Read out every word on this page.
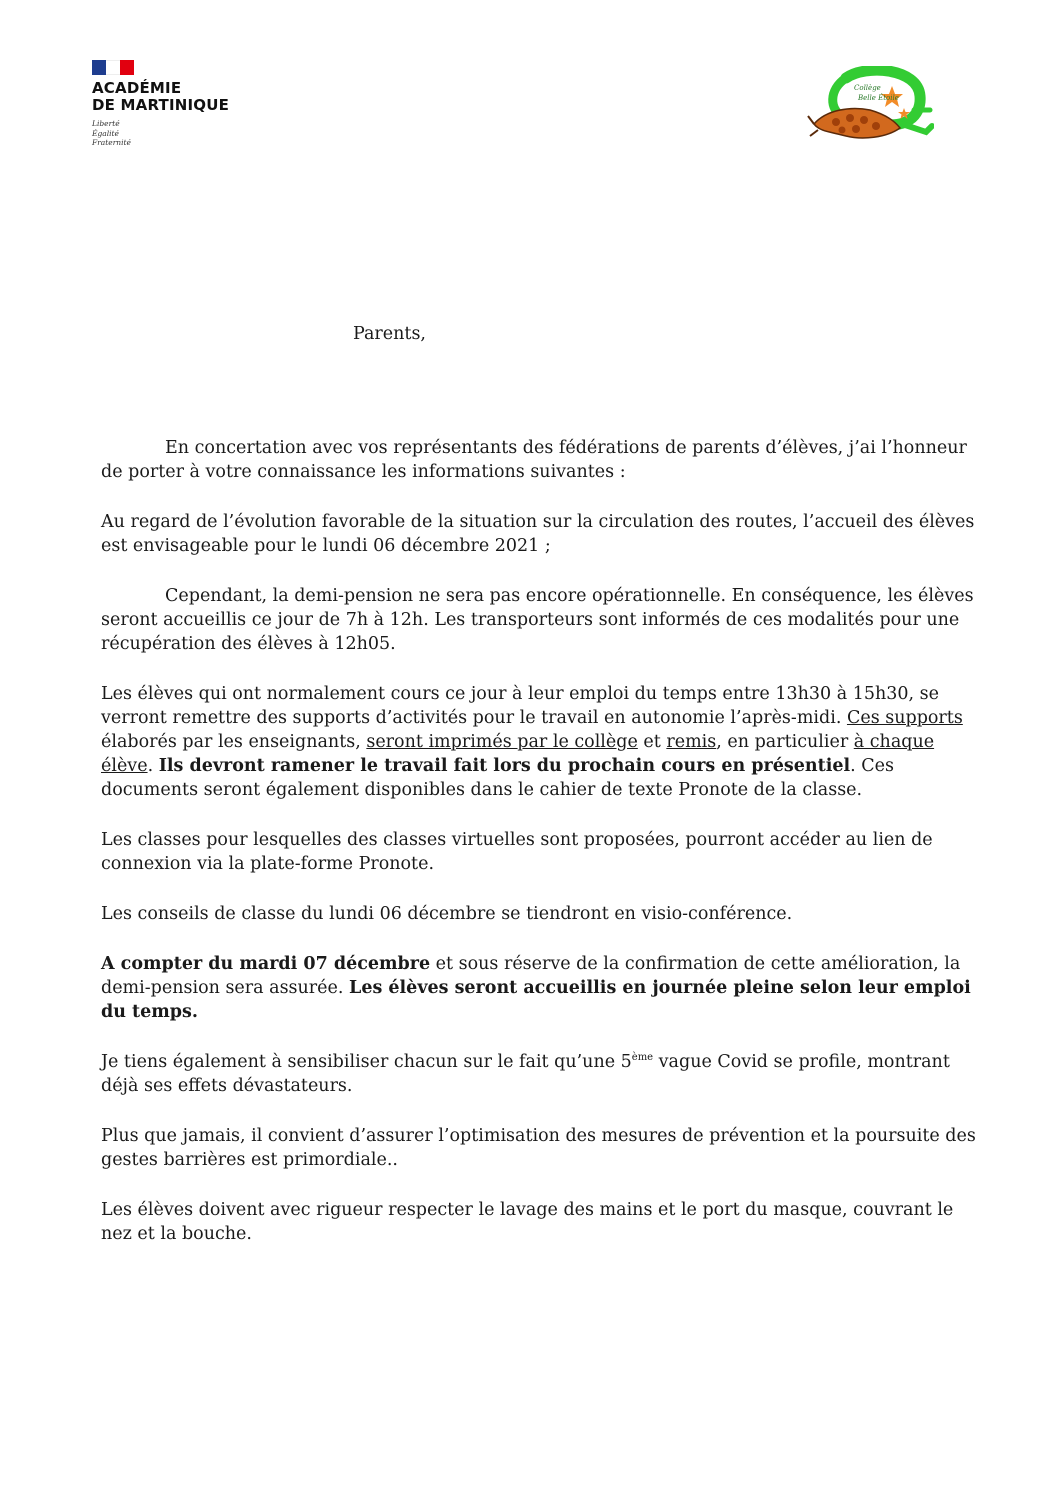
ACADÉMIE
DE MARTINIQUE
Liberté
Égalité
Fraternité
Collège
Belle Étoile
Parents,

En concertation avec vos représentants des fédérations de parents d’élèves, j’ai l’honneur de porter à votre connaissance les informations suivantes :

Au regard de l’évolution favorable de la situation sur la circulation des routes, l’accueil des élèves est envisageable pour le lundi 06 décembre 2021 ;

Cependant, la demi-pension ne sera pas encore opérationnelle. En conséquence, les élèves seront accueillis ce jour de 7h à 12h. Les transporteurs sont informés de ces modalités pour une récupération des élèves à 12h05.

Les élèves qui ont normalement cours ce jour à leur emploi du temps entre 13h30 à 15h30, se verront remettre des supports d’activités pour le travail en autonomie l’après-midi. Ces supports élaborés par les enseignants, seront imprimés par le collège et remis, en particulier à chaque élève. Ils devront ramener le travail fait lors du prochain cours en présentiel. Ces documents seront également disponibles dans le cahier de texte Pronote de la classe.

Les classes pour lesquelles des classes virtuelles sont proposées, pourront accéder au lien de connexion via la plate-forme Pronote.

Les conseils de classe du lundi 06 décembre se tiendront en visio-conférence.

A compter du mardi 07 décembre et sous réserve de la confirmation de cette amélioration, la demi-pension sera assurée. Les élèves seront accueillis en journée pleine selon leur emploi du temps.

Je tiens également à sensibiliser chacun sur le fait qu’une 5ème vague Covid se profile, montrant déjà ses effets dévastateurs.

Plus que jamais, il convient d’assurer l’optimisation des mesures de prévention et la poursuite des gestes barrières est primordiale..

Les élèves doivent avec rigueur respecter le lavage des mains et le port du masque, couvrant le nez et la bouche.
